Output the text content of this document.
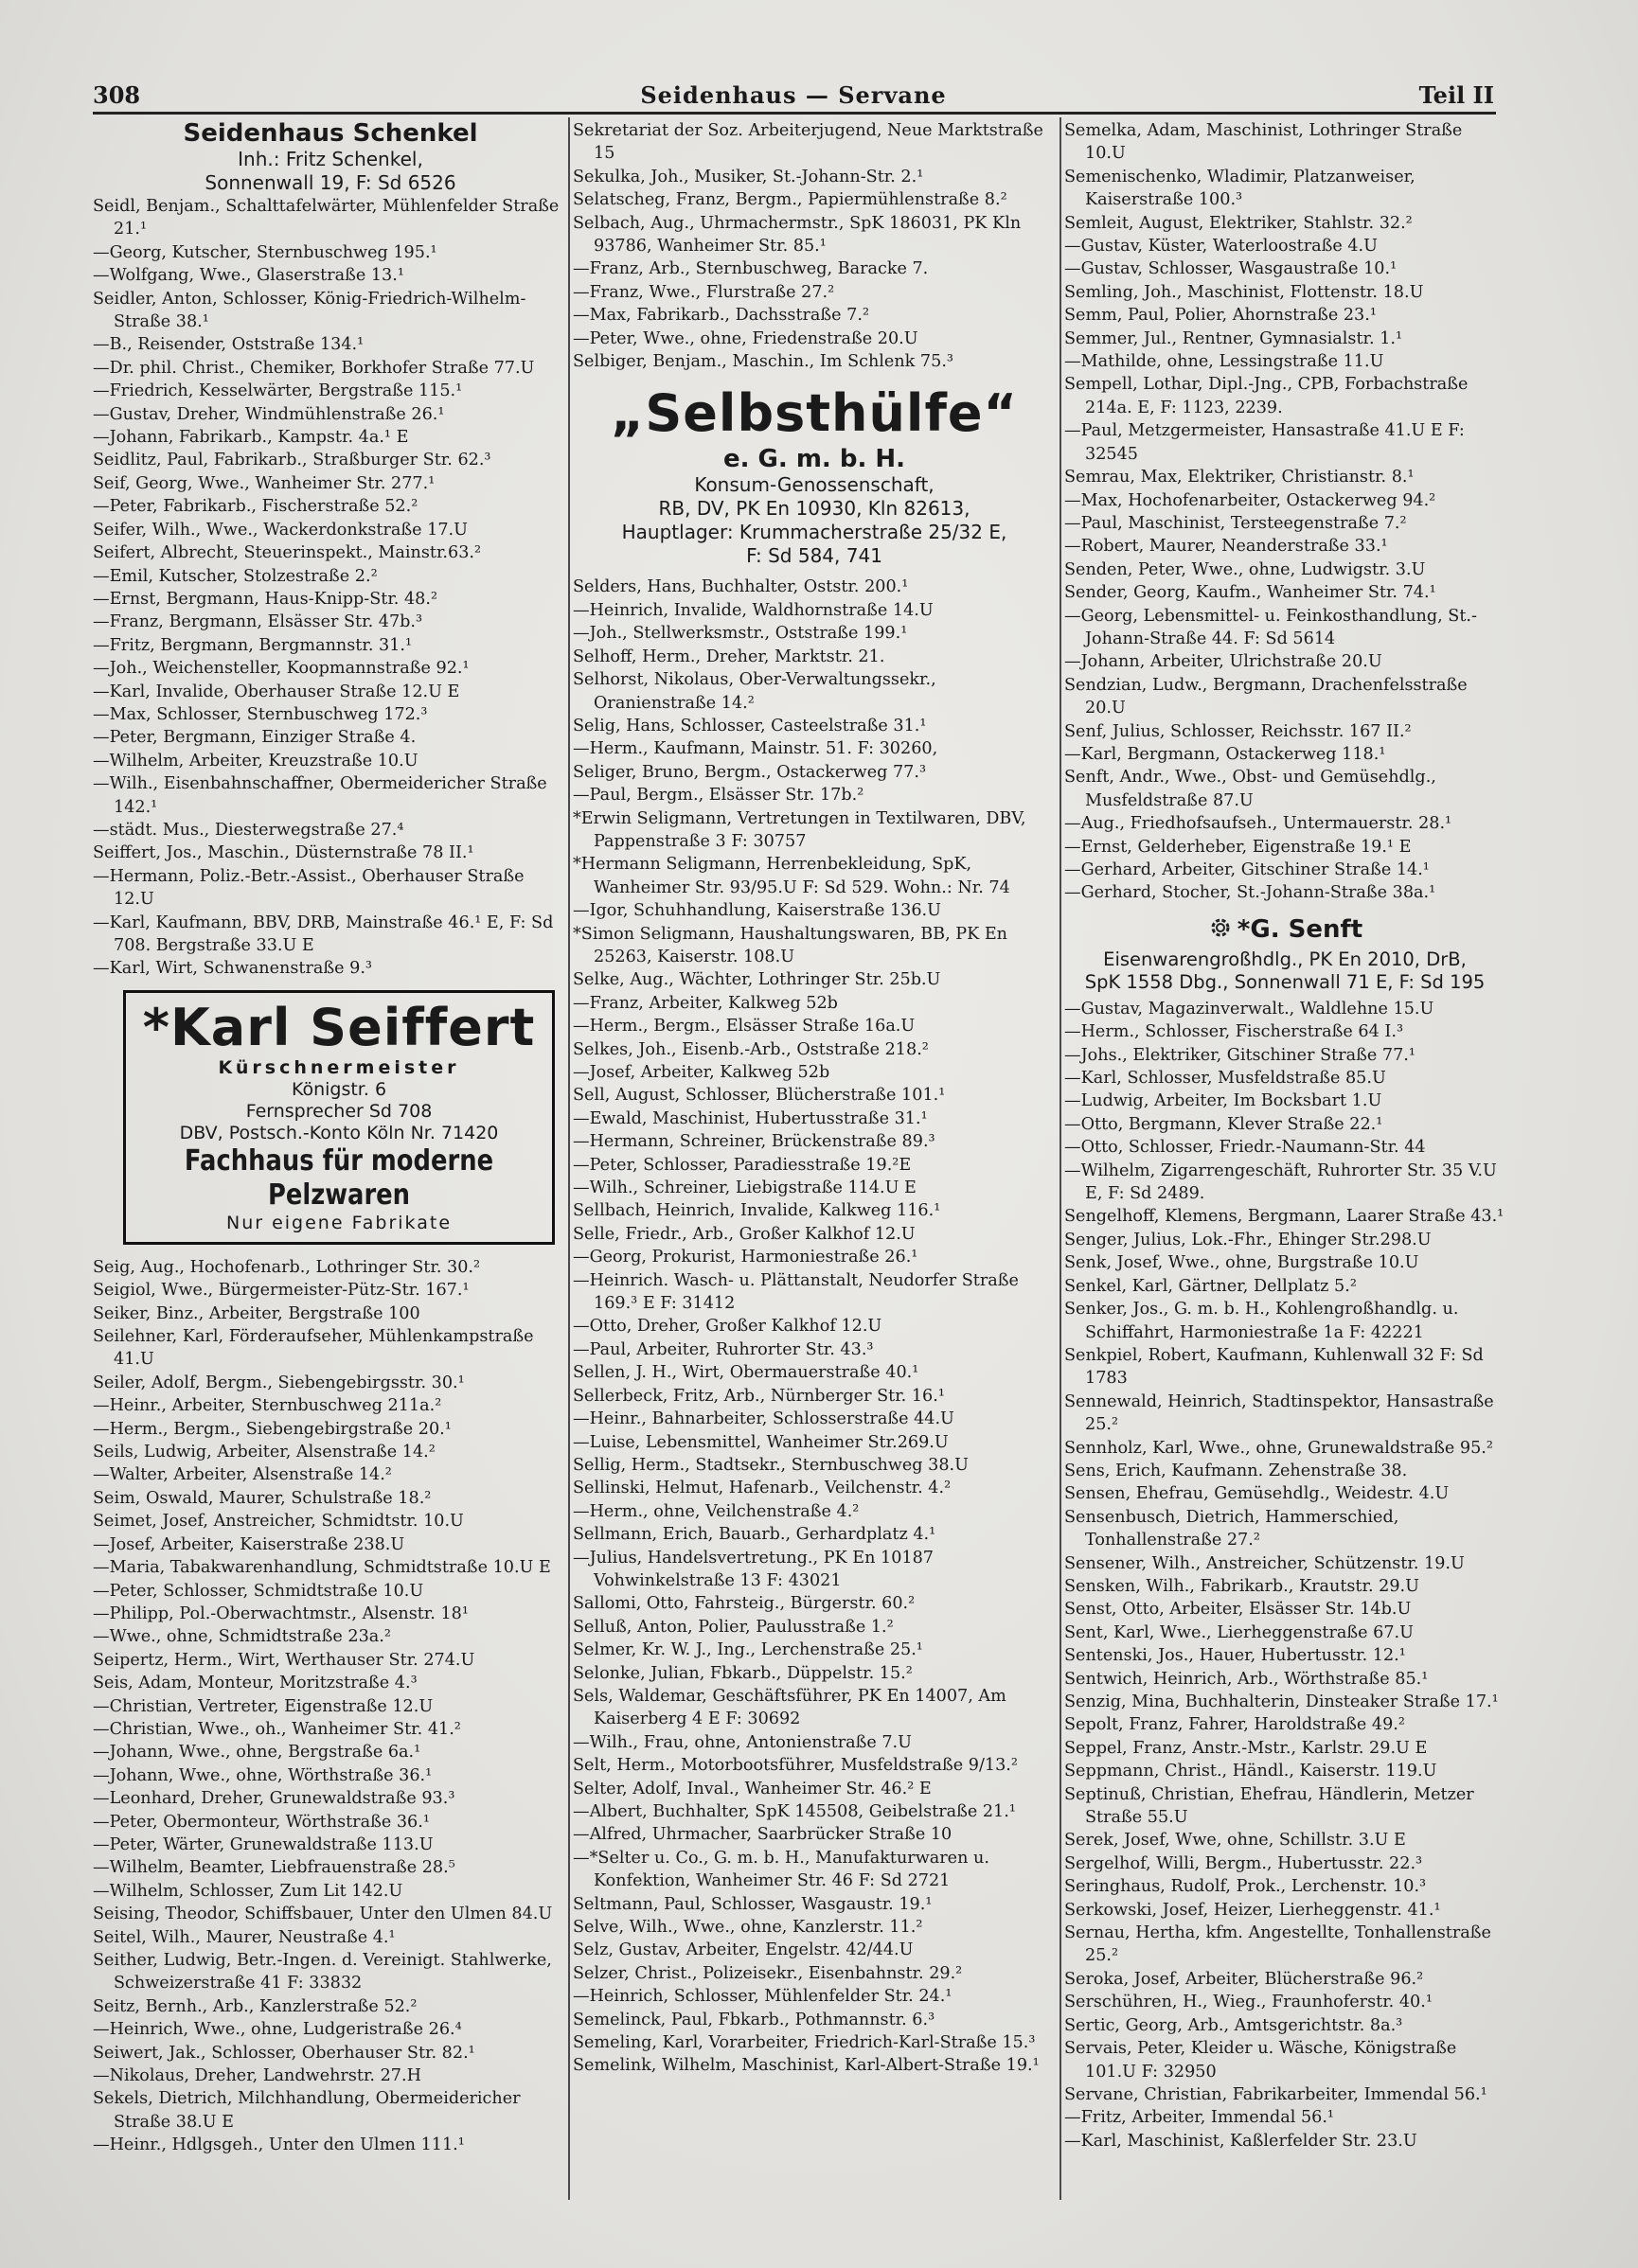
308	Seidenhaus — Servane	Teil II

Seidenhaus Schenkel

Inh.: Fritz Schenkel,

Sonnenwall 19, F: Sd 6526

Seidl, Benjam., Schalttafelwärter, Mühlenfelder Straße 21.¹

—Georg, Kutscher, Sternbuschweg 195.¹

—Wolfgang, Wwe., Glaserstraße 13.¹

Seidler, Anton, Schlosser, König-Friedrich-Wilhelm-Straße 38.¹

—B., Reisender, Oststraße 134.¹

—Dr. phil. Christ., Chemiker, Borkhofer Straße 77.U

—Friedrich, Kesselwärter, Bergstraße 115.¹

—Gustav, Dreher, Windmühlenstraße 26.¹

—Johann, Fabrikarb., Kampstr. 4a.¹ E

Seidlitz, Paul, Fabrikarb., Straßburger Str. 62.³

Seif, Georg, Wwe., Wanheimer Str. 277.¹

—Peter, Fabrikarb., Fischerstraße 52.²

Seifer, Wilh., Wwe., Wackerdonkstraße 17.U

Seifert, Albrecht, Steuerinspekt., Mainstr.63.²

—Emil, Kutscher, Stolzestraße 2.²

—Ernst, Bergmann, Haus-Knipp-Str. 48.²

—Franz, Bergmann, Elsässer Str. 47b.³

—Fritz, Bergmann, Bergmannstr. 31.¹

—Joh., Weichensteller, Koopmannstraße 92.¹

—Karl, Invalide, Oberhauser Straße 12.U E

—Max, Schlosser, Sternbuschweg 172.³

—Peter, Bergmann, Einziger Straße 4.

—Wilhelm, Arbeiter, Kreuzstraße 10.U

—Wilh., Eisenbahnschaffner, Obermeidericher Straße 142.¹

—städt. Mus., Diesterwegstraße 27.⁴

Seiffert, Jos., Maschin., Düsternstraße 78 II.¹

—Hermann, Poliz.-Betr.-Assist., Oberhauser Straße 12.U

—Karl, Kaufmann, BBV, DRB, Mainstraße 46.¹ E, F: Sd 708. Bergstraße 33.U E

—Karl, Wirt, Schwanenstraße 9.³

*Karl Seiffert
Kürschnermeister
Königstr. 6
Fernsprecher Sd 708
DBV, Postsch.-Konto Köln Nr. 71420
Fachhaus für moderne Pelzwaren
Nur eigene Fabrikate

Seig, Aug., Hochofenarb., Lothringer Str. 30.²

Seigiol, Wwe., Bürgermeister-Pütz-Str. 167.¹

Seiker, Binz., Arbeiter, Bergstraße 100

Seilehner, Karl, Förderaufseher, Mühlenkampstraße 41.U

Seiler, Adolf, Bergm., Siebengebirgsstr. 30.¹

—Heinr., Arbeiter, Sternbuschweg 211a.²

—Herm., Bergm., Siebengebirgstraße 20.¹

Seils, Ludwig, Arbeiter, Alsenstraße 14.²

—Walter, Arbeiter, Alsenstraße 14.²

Seim, Oswald, Maurer, Schulstraße 18.²

Seimet, Josef, Anstreicher, Schmidtstr. 10.U

—Josef, Arbeiter, Kaiserstraße 238.U

—Maria, Tabakwarenhandlung, Schmidtstraße 10.U E

—Peter, Schlosser, Schmidtstraße 10.U

—Philipp, Pol.-Oberwachtmstr., Alsenstr. 18¹

—Wwe., ohne, Schmidtstraße 23a.²

Seipertz, Herm., Wirt, Werthauser Str. 274.U

Seis, Adam, Monteur, Moritzstraße 4.³

—Christian, Vertreter, Eigenstraße 12.U

—Christian, Wwe., oh., Wanheimer Str. 41.²

—Johann, Wwe., ohne, Bergstraße 6a.¹

—Johann, Wwe., ohne, Wörthstraße 36.¹

—Leonhard, Dreher, Grunewaldstraße 93.³

—Peter, Obermonteur, Wörthstraße 36.¹

—Peter, Wärter, Grunewaldstraße 113.U

—Wilhelm, Beamter, Liebfrauenstraße 28.⁵

—Wilhelm, Schlosser, Zum Lit 142.U

Seising, Theodor, Schiffsbauer, Unter den Ulmen 84.U

Seitel, Wilh., Maurer, Neustraße 4.¹

Seither, Ludwig, Betr.-Ingen. d. Vereinigt. Stahlwerke, Schweizerstraße 41 F: 33832

Seitz, Bernh., Arb., Kanzlerstraße 52.²

—Heinrich, Wwe., ohne, Ludgeristraße 26.⁴

Seiwert, Jak., Schlosser, Oberhauser Str. 82.¹

—Nikolaus, Dreher, Landwehrstr. 27.H

Sekels, Dietrich, Milchhandlung, Obermeidericher Straße 38.U E

—Heinr., Hdlgsgeh., Unter den Ulmen 111.¹

Sekretariat der Soz. Arbeiterjugend, Neue Marktstraße 15

Sekulka, Joh., Musiker, St.-Johann-Str. 2.¹

Selatscheg, Franz, Bergm., Papiermühlenstraße 8.²

Selbach, Aug., Uhrmachermstr., SpK 186031, PK Kln 93786, Wanheimer Str. 85.¹

—Franz, Arb., Sternbuschweg, Baracke 7.

—Franz, Wwe., Flurstraße 27.²

—Max, Fabrikarb., Dachsstraße 7.²

—Peter, Wwe., ohne, Friedenstraße 20.U

Selbiger, Benjam., Maschin., Im Schlenk 75.³

„Selbsthülfe“

e. G. m. b. H.

Konsum-Genossenschaft,

RB, DV, PK En 10930, Kln 82613,

Hauptlager: Krummacherstraße 25/32 E,

F: Sd 584, 741

Selders, Hans, Buchhalter, Oststr. 200.¹

—Heinrich, Invalide, Waldhornstraße 14.U

—Joh., Stellwerksmstr., Oststraße 199.¹

Selhoff, Herm., Dreher, Marktstr. 21.

Selhorst, Nikolaus, Ober-Verwaltungssekr., Oranienstraße 14.²

Selig, Hans, Schlosser, Casteelstraße 31.¹

—Herm., Kaufmann, Mainstr. 51. F: 30260,

Seliger, Bruno, Bergm., Ostackerweg 77.³

—Paul, Bergm., Elsässer Str. 17b.²

*Erwin Seligmann, Vertretungen in Textilwaren, DBV, Pappenstraße 3 F: 30757

*Hermann Seligmann, Herrenbekleidung, SpK, Wanheimer Str. 93/95.U F: Sd 529. Wohn.: Nr. 74

—Igor, Schuhhandlung, Kaiserstraße 136.U

*Simon Seligmann, Haushaltungswaren, BB, PK En 25263, Kaiserstr. 108.U

Selke, Aug., Wächter, Lothringer Str. 25b.U

—Franz, Arbeiter, Kalkweg 52b

—Herm., Bergm., Elsässer Straße 16a.U

Selkes, Joh., Eisenb.-Arb., Oststraße 218.²

—Josef, Arbeiter, Kalkweg 52b

Sell, August, Schlosser, Blücherstraße 101.¹

—Ewald, Maschinist, Hubertusstraße 31.¹

—Hermann, Schreiner, Brückenstraße 89.³

—Peter, Schlosser, Paradiesstraße 19.²E

—Wilh., Schreiner, Liebigstraße 114.U E

Sellbach, Heinrich, Invalide, Kalkweg 116.¹

Selle, Friedr., Arb., Großer Kalkhof 12.U

—Georg, Prokurist, Harmoniestraße 26.¹

—Heinrich. Wasch- u. Plättanstalt, Neudorfer Straße 169.³ E F: 31412

—Otto, Dreher, Großer Kalkhof 12.U

—Paul, Arbeiter, Ruhrorter Str. 43.³

Sellen, J. H., Wirt, Obermauerstraße 40.¹

Sellerbeck, Fritz, Arb., Nürnberger Str. 16.¹

—Heinr., Bahnarbeiter, Schlosserstraße 44.U

—Luise, Lebensmittel, Wanheimer Str.269.U

Sellig, Herm., Stadtsekr., Sternbuschweg 38.U

Sellinski, Helmut, Hafenarb., Veilchenstr. 4.²

—Herm., ohne, Veilchenstraße 4.²

Sellmann, Erich, Bauarb., Gerhardplatz 4.¹

—Julius, Handelsvertretung., PK En 10187 Vohwinkelstraße 13 F: 43021

Sallomi, Otto, Fahrsteig., Bürgerstr. 60.²

Selluß, Anton, Polier, Paulusstraße 1.²

Selmer, Kr. W. J., Ing., Lerchenstraße 25.¹

Selonke, Julian, Fbkarb., Düppelstr. 15.²

Sels, Waldemar, Geschäftsführer, PK En 14007, Am Kaiserberg 4 E F: 30692

—Wilh., Frau, ohne, Antonienstraße 7.U

Selt, Herm., Motorbootsführer, Musfeldstraße 9/13.²

Selter, Adolf, Inval., Wanheimer Str. 46.² E

—Albert, Buchhalter, SpK 145508, Geibelstraße 21.¹

—Alfred, Uhrmacher, Saarbrücker Straße 10

—*Selter u. Co., G. m. b. H., Manufakturwaren u. Konfektion, Wanheimer Str. 46 F: Sd 2721

Seltmann, Paul, Schlosser, Wasgaustr. 19.¹

Selve, Wilh., Wwe., ohne, Kanzlerstr. 11.²

Selz, Gustav, Arbeiter, Engelstr. 42/44.U

Selzer, Christ., Polizeisekr., Eisenbahnstr. 29.²

—Heinrich, Schlosser, Mühlenfelder Str. 24.¹

Semelinck, Paul, Fbkarb., Pothmannstr. 6.³

Semeling, Karl, Vorarbeiter, Friedrich-Karl-Straße 15.³

Semelink, Wilhelm, Maschinist, Karl-Albert-Straße 19.¹

Semelka, Adam, Maschinist, Lothringer Straße 10.U

Semenischenko, Wladimir, Platzanweiser, Kaiserstraße 100.³

Semleit, August, Elektriker, Stahlstr. 32.²

—Gustav, Küster, Waterloostraße 4.U

—Gustav, Schlosser, Wasgaustraße 10.¹

Semling, Joh., Maschinist, Flottenstr. 18.U

Semm, Paul, Polier, Ahornstraße 23.¹

Semmer, Jul., Rentner, Gymnasialstr. 1.¹

—Mathilde, ohne, Lessingstraße 11.U

Sempell, Lothar, Dipl.-Jng., CPB, Forbachstraße 214a. E, F: 1123, 2239.

—Paul, Metzgermeister, Hansastraße 41.U E F: 32545

Semrau, Max, Elektriker, Christianstr. 8.¹

—Max, Hochofenarbeiter, Ostackerweg 94.²

—Paul, Maschinist, Tersteegenstraße 7.²

—Robert, Maurer, Neanderstraße 33.¹

Senden, Peter, Wwe., ohne, Ludwigstr. 3.U

Sender, Georg, Kaufm., Wanheimer Str. 74.¹

—Georg, Lebensmittel- u. Feinkosthandlung, St.-Johann-Straße 44. F: Sd 5614

—Johann, Arbeiter, Ulrichstraße 20.U

Sendzian, Ludw., Bergmann, Drachenfelsstraße 20.U

Senf, Julius, Schlosser, Reichsstr. 167 II.²

—Karl, Bergmann, Ostackerweg 118.¹

Senft, Andr., Wwe., Obst- und Gemüsehdlg., Musfeldstraße 87.U

—Aug., Friedhofsaufseh., Untermauerstr. 28.¹

—Ernst, Gelderheber, Eigenstraße 19.¹ E

—Gerhard, Arbeiter, Gitschiner Straße 14.¹

—Gerhard, Stocher, St.-Johann-Straße 38a.¹

*G. Senft

Eisenwarengroßhdlg., PK En 2010, DrB,

SpK 1558 Dbg., Sonnenwall 71 E, F: Sd 195

—Gustav, Magazinverwalt., Waldlehne 15.U

—Herm., Schlosser, Fischerstraße 64 I.³

—Johs., Elektriker, Gitschiner Straße 77.¹

—Karl, Schlosser, Musfeldstraße 85.U

—Ludwig, Arbeiter, Im Bocksbart 1.U

—Otto, Bergmann, Klever Straße 22.¹

—Otto, Schlosser, Friedr.-Naumann-Str. 44

—Wilhelm, Zigarrengeschäft, Ruhrorter Str. 35 V.U E, F: Sd 2489.

Sengelhoff, Klemens, Bergmann, Laarer Straße 43.¹

Senger, Julius, Lok.-Fhr., Ehinger Str.298.U

Senk, Josef, Wwe., ohne, Burgstraße 10.U

Senkel, Karl, Gärtner, Dellplatz 5.²

Senker, Jos., G. m. b. H., Kohlengroßhandlg. u. Schiffahrt, Harmoniestraße 1a F: 42221

Senkpiel, Robert, Kaufmann, Kuhlenwall 32 F: Sd 1783

Sennewald, Heinrich, Stadtinspektor, Hansastraße 25.²

Sennholz, Karl, Wwe., ohne, Grunewaldstraße 95.²

Sens, Erich, Kaufmann. Zehenstraße 38.

Sensen, Ehefrau, Gemüsehdlg., Weidestr. 4.U

Sensenbusch, Dietrich, Hammerschied, Tonhallenstraße 27.²

Sensener, Wilh., Anstreicher, Schützenstr. 19.U

Sensken, Wilh., Fabrikarb., Krautstr. 29.U

Senst, Otto, Arbeiter, Elsässer Str. 14b.U

Sent, Karl, Wwe., Lierheggenstraße 67.U

Sentenski, Jos., Hauer, Hubertusstr. 12.¹

Sentwich, Heinrich, Arb., Wörthstraße 85.¹

Senzig, Mina, Buchhalterin, Dinsteaker Straße 17.¹

Sepolt, Franz, Fahrer, Haroldstraße 49.²

Seppel, Franz, Anstr.-Mstr., Karlstr. 29.U E

Seppmann, Christ., Händl., Kaiserstr. 119.U

Septinuß, Christian, Ehefrau, Händlerin, Metzer Straße 55.U

Serek, Josef, Wwe, ohne, Schillstr. 3.U E

Sergelhof, Willi, Bergm., Hubertusstr. 22.³

Seringhaus, Rudolf, Prok., Lerchenstr. 10.³

Serkowski, Josef, Heizer, Lierheggenstr. 41.¹

Sernau, Hertha, kfm. Angestellte, Tonhallenstraße 25.²

Seroka, Josef, Arbeiter, Blücherstraße 96.²

Serschühren, H., Wieg., Fraunhoferstr. 40.¹

Sertic, Georg, Arb., Amtsgerichtstr. 8a.³

Servais, Peter, Kleider u. Wäsche, Königstraße 101.U F: 32950

Servane, Christian, Fabrikarbeiter, Immendal 56.¹

—Fritz, Arbeiter, Immendal 56.¹

—Karl, Maschinist, Kaßlerfelder Str. 23.U
